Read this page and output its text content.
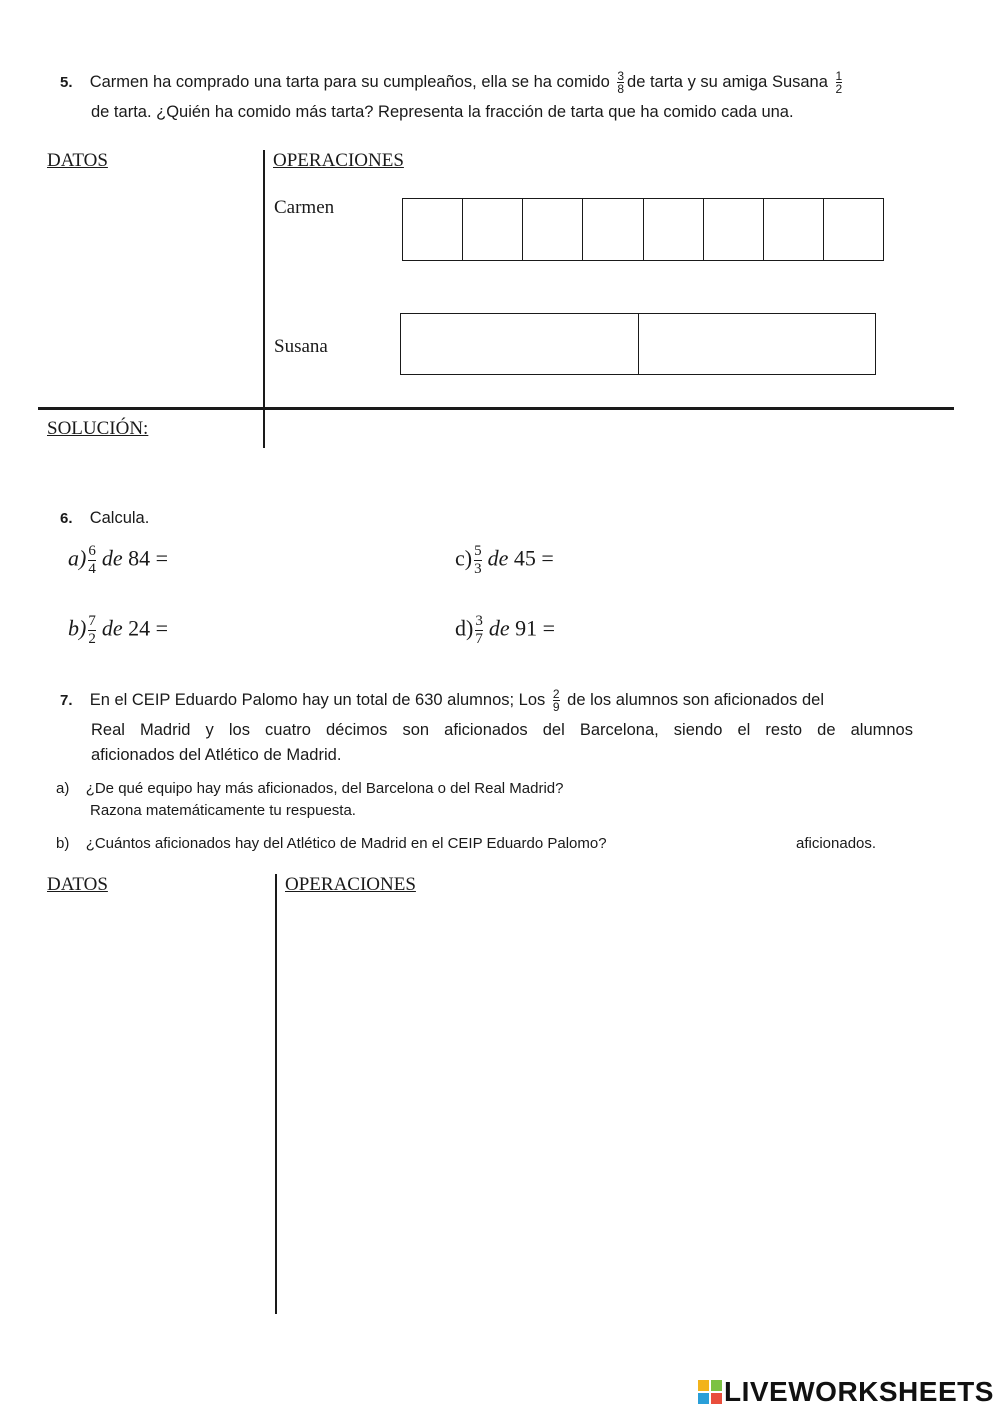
5. Carmen ha comprado una tarta para su cumpleaños, ella se ha comido $\frac{3}{8}$ de tarta y su amiga Susana $\frac{1}{2}$
de tarta. ¿Quién ha comido más tarta? Representa la fracción de tarta que ha comido cada una.
DATOS	OPERACIONES
Carmen
Susana
SOLUCIÓN:
6. Calcula.
$a) \frac{6}{4}$ de 84 =	$c) \frac{5}{3}$ de 45 =
$b) \frac{7}{2}$ de 24 =	$d) \frac{3}{7}$ de 91 =
7. En el CEIP Eduardo Palomo hay un total de 630 alumnos; Los $\frac{2}{9}$ de los alumnos son aficionados del
Real Madrid y los cuatro décimos son aficionados del Barcelona, siendo el resto de alumnos
aficionados del Atlético de Madrid.
a) ¿De qué equipo hay más aficionados, del Barcelona o del Real Madrid?
Razona matemáticamente tu respuesta.
b) ¿Cuántos aficionados hay del Atlético de Madrid en el CEIP Eduardo Palomo?	aficionados.
DATOS	OPERACIONES
LIVEWORKSHEETS
